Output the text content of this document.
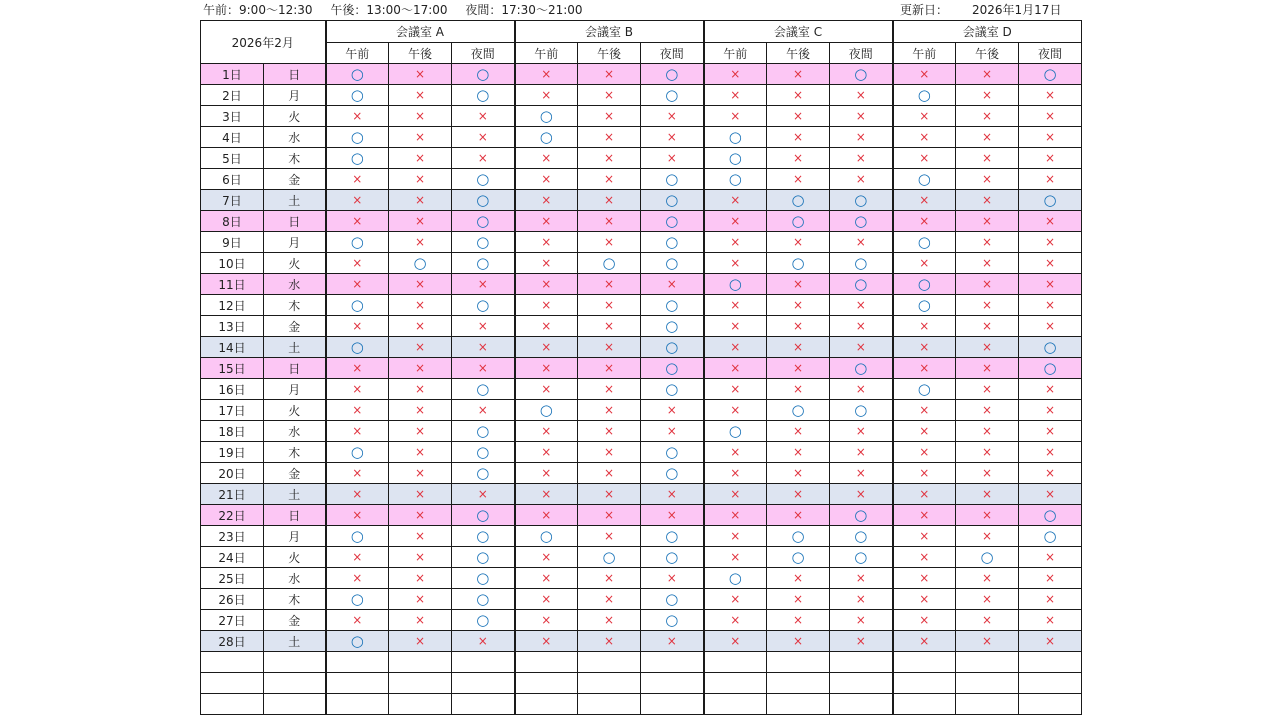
午前：9:00〜12:30 午後：13:00〜17:00 夜間：17:30〜21:00	更新日： 2026年1月17日
2026年2月		会議室 A			会議室 B			会議室 C			会議室 D		
		午前	午後	夜間	午前	午後	夜間	午前	午後	夜間	午前	午後	夜間
1日	日	○	×	○	×	×	○	×	×	○	×	×	○
2日	月	○	×	○	×	×	○	×	×	×	○	×	×
3日	火	×	×	×	○	×	×	×	×	×	×	×	×
4日	水	○	×	×	○	×	×	○	×	×	×	×	×
5日	木	○	×	×	×	×	×	○	×	×	×	×	×
6日	金	×	×	○	×	×	○	○	×	×	○	×	×
7日	土	×	×	○	×	×	○	×	○	○	×	×	○
8日	日	×	×	○	×	×	○	×	○	○	×	×	×
9日	月	○	×	○	×	×	○	×	×	×	○	×	×
10日	火	×	○	○	×	○	○	×	○	○	×	×	×
11日	水	×	×	×	×	×	×	○	×	○	○	×	×
12日	木	○	×	○	×	×	○	×	×	×	○	×	×
13日	金	×	×	×	×	×	○	×	×	×	×	×	×
14日	土	○	×	×	×	×	○	×	×	×	×	×	○
15日	日	×	×	×	×	×	○	×	×	○	×	×	○
16日	月	×	×	○	×	×	○	×	×	×	○	×	×
17日	火	×	×	×	○	×	×	×	○	○	×	×	×
18日	水	×	×	○	×	×	×	○	×	×	×	×	×
19日	木	○	×	○	×	×	○	×	×	×	×	×	×
20日	金	×	×	○	×	×	○	×	×	×	×	×	×
21日	土	×	×	×	×	×	×	×	×	×	×	×	×
22日	日	×	×	○	×	×	×	×	×	○	×	×	○
23日	月	○	×	○	○	×	○	×	○	○	×	×	○
24日	火	×	×	○	×	○	○	×	○	○	×	○	×
25日	水	×	×	○	×	×	×	○	×	×	×	×	×
26日	木	○	×	○	×	×	○	×	×	×	×	×	×
27日	金	×	×	○	×	×	○	×	×	×	×	×	×
28日	土	○	×	×	×	×	×	×	×	×	×	×	×
